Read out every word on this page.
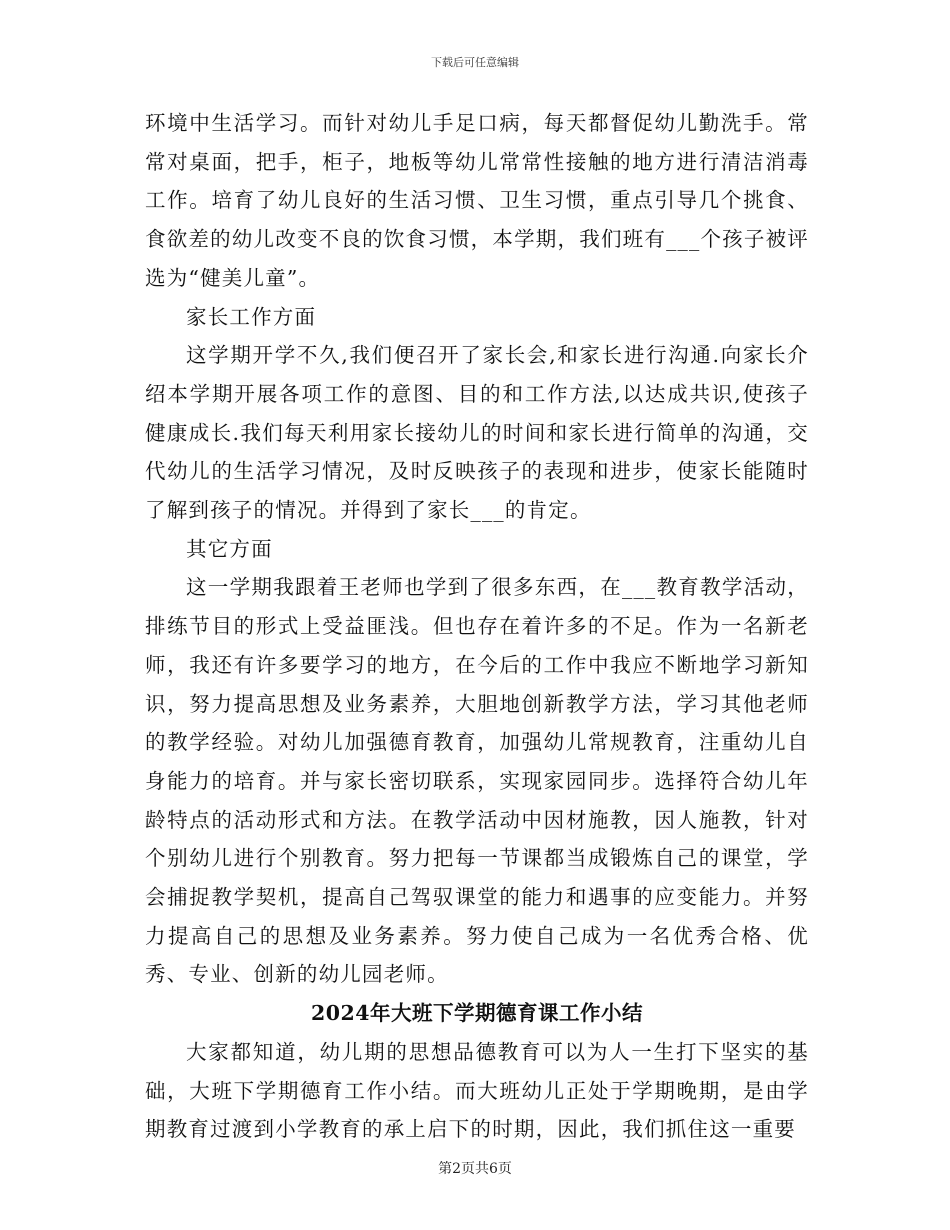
下载后可任意编辑

环境中生活学习。而针对幼儿手足口病，每天都督促幼儿勤洗手。常常对桌面，把手，柜子，地板等幼儿常常性接触的地方进行清洁消毒工作。培育了幼儿良好的生活习惯、卫生习惯，重点引导几个挑食、食欲差的幼儿改变不良的饮食习惯，本学期，我们班有___个孩子被评选为“健美儿童”。

家长工作方面

这学期开学不久,我们便召开了家长会,和家长进行沟通.向家长介绍本学期开展各项工作的意图、目的和工作方法,以达成共识,使孩子健康成长.我们每天利用家长接幼儿的时间和家长进行简单的沟通，交代幼儿的生活学习情况，及时反映孩子的表现和进步，使家长能随时了解到孩子的情况。并得到了家长___的肯定。

其它方面

这一学期我跟着王老师也学到了很多东西，在___教育教学活动，排练节目的形式上受益匪浅。但也存在着许多的不足。作为一名新老师，我还有许多要学习的地方，在今后的工作中我应不断地学习新知识，努力提高思想及业务素养，大胆地创新教学方法，学习其他老师的教学经验。对幼儿加强德育教育，加强幼儿常规教育，注重幼儿自身能力的培育。并与家长密切联系，实现家园同步。选择符合幼儿年龄特点的活动形式和方法。在教学活动中因材施教，因人施教，针对个别幼儿进行个别教育。努力把每一节课都当成锻炼自己的课堂，学会捕捉教学契机，提高自己驾驭课堂的能力和遇事的应变能力。并努力提高自己的思想及业务素养。努力使自己成为一名优秀合格、优秀、专业、创新的幼儿园老师。

2024年大班下学期德育课工作小结

大家都知道，幼儿期的思想品德教育可以为人一生打下坚实的基础，大班下学期德育工作小结。而大班幼儿正处于学期晚期，是由学期教育过渡到小学教育的承上启下的时期，因此，我们抓住这一重要

第2页共6页
